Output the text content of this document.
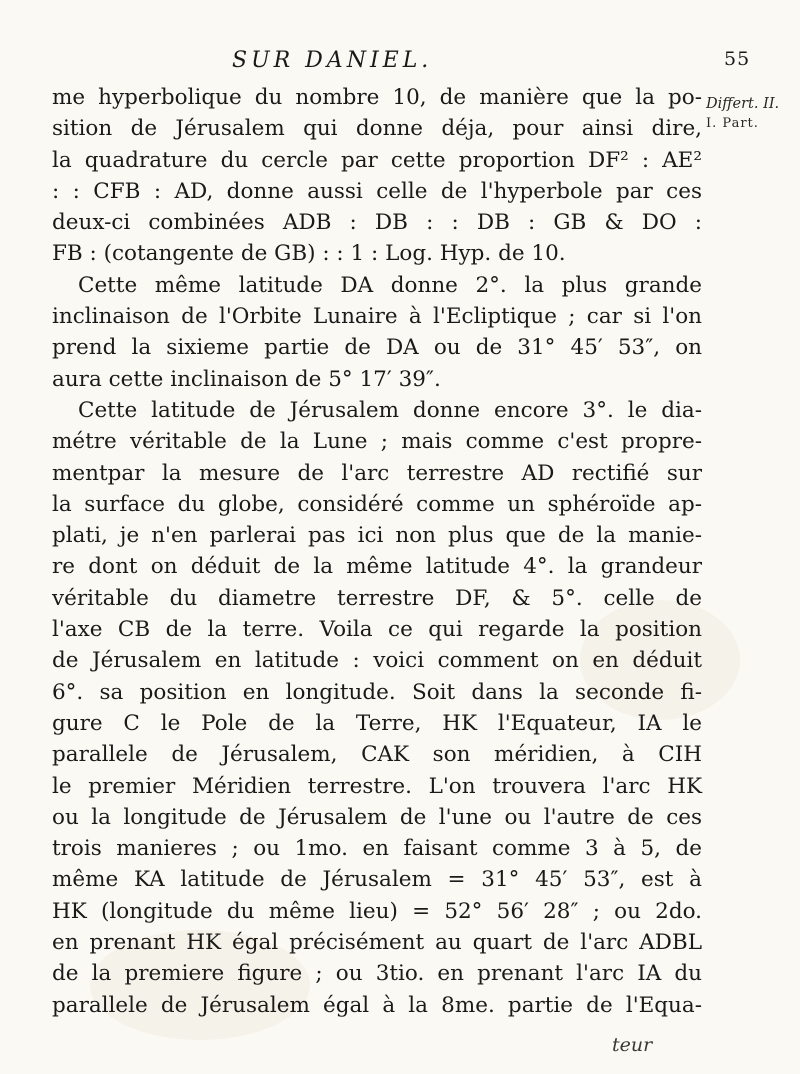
SUR DANIEL.	55
Differt. II.
I. Part.
me hyperbolique du nombre 10, de manière que la po-
sition de Jérusalem qui donne déja, pour ainsi dire,
la quadrature du cercle par cette proportion DF² : AE²
: : CFB : AD, donne aussi celle de l'hyperbole par ces
deux-ci combinées ADB : DB : : DB : GB & DO :
FB : (cotangente de GB) : : 1 : Log. Hyp. de 10.
Cette même latitude DA donne 2°. la plus grande
inclinaison de l'Orbite Lunaire à l'Ecliptique ; car si l'on
prend la sixieme partie de DA ou de 31° 45′ 53″, on
aura cette inclinaison de 5° 17′ 39″.
Cette latitude de Jérusalem donne encore 3°. le dia-
métre véritable de la Lune ; mais comme c'est propre-
mentpar la mesure de l'arc terrestre AD rectifié sur
la surface du globe, considéré comme un sphéroïde ap-
plati, je n'en parlerai pas ici non plus que de la manie-
re dont on déduit de la même latitude 4°. la grandeur
véritable du diametre terrestre DF, & 5°. celle de
l'axe CB de la terre. Voila ce qui regarde la position
de Jérusalem en latitude : voici comment on en déduit
6°. sa position en longitude. Soit dans la seconde fi-
gure C le Pole de la Terre, HK l'Equateur, IA le
parallele de Jérusalem, CAK son méridien, à CIH
le premier Méridien terrestre. L'on trouvera l'arc HK
ou la longitude de Jérusalem de l'une ou l'autre de ces
trois manieres ; ou 1mo. en faisant comme 3 à 5, de
même KA latitude de Jérusalem = 31° 45′ 53″, est à
HK (longitude du même lieu) = 52° 56′ 28″ ; ou 2do.
en prenant HK égal précisément au quart de l'arc ADBL
de la premiere figure ; ou 3tio. en prenant l'arc IA du
parallele de Jérusalem égal à la 8me. partie de l'Equa-
teur
